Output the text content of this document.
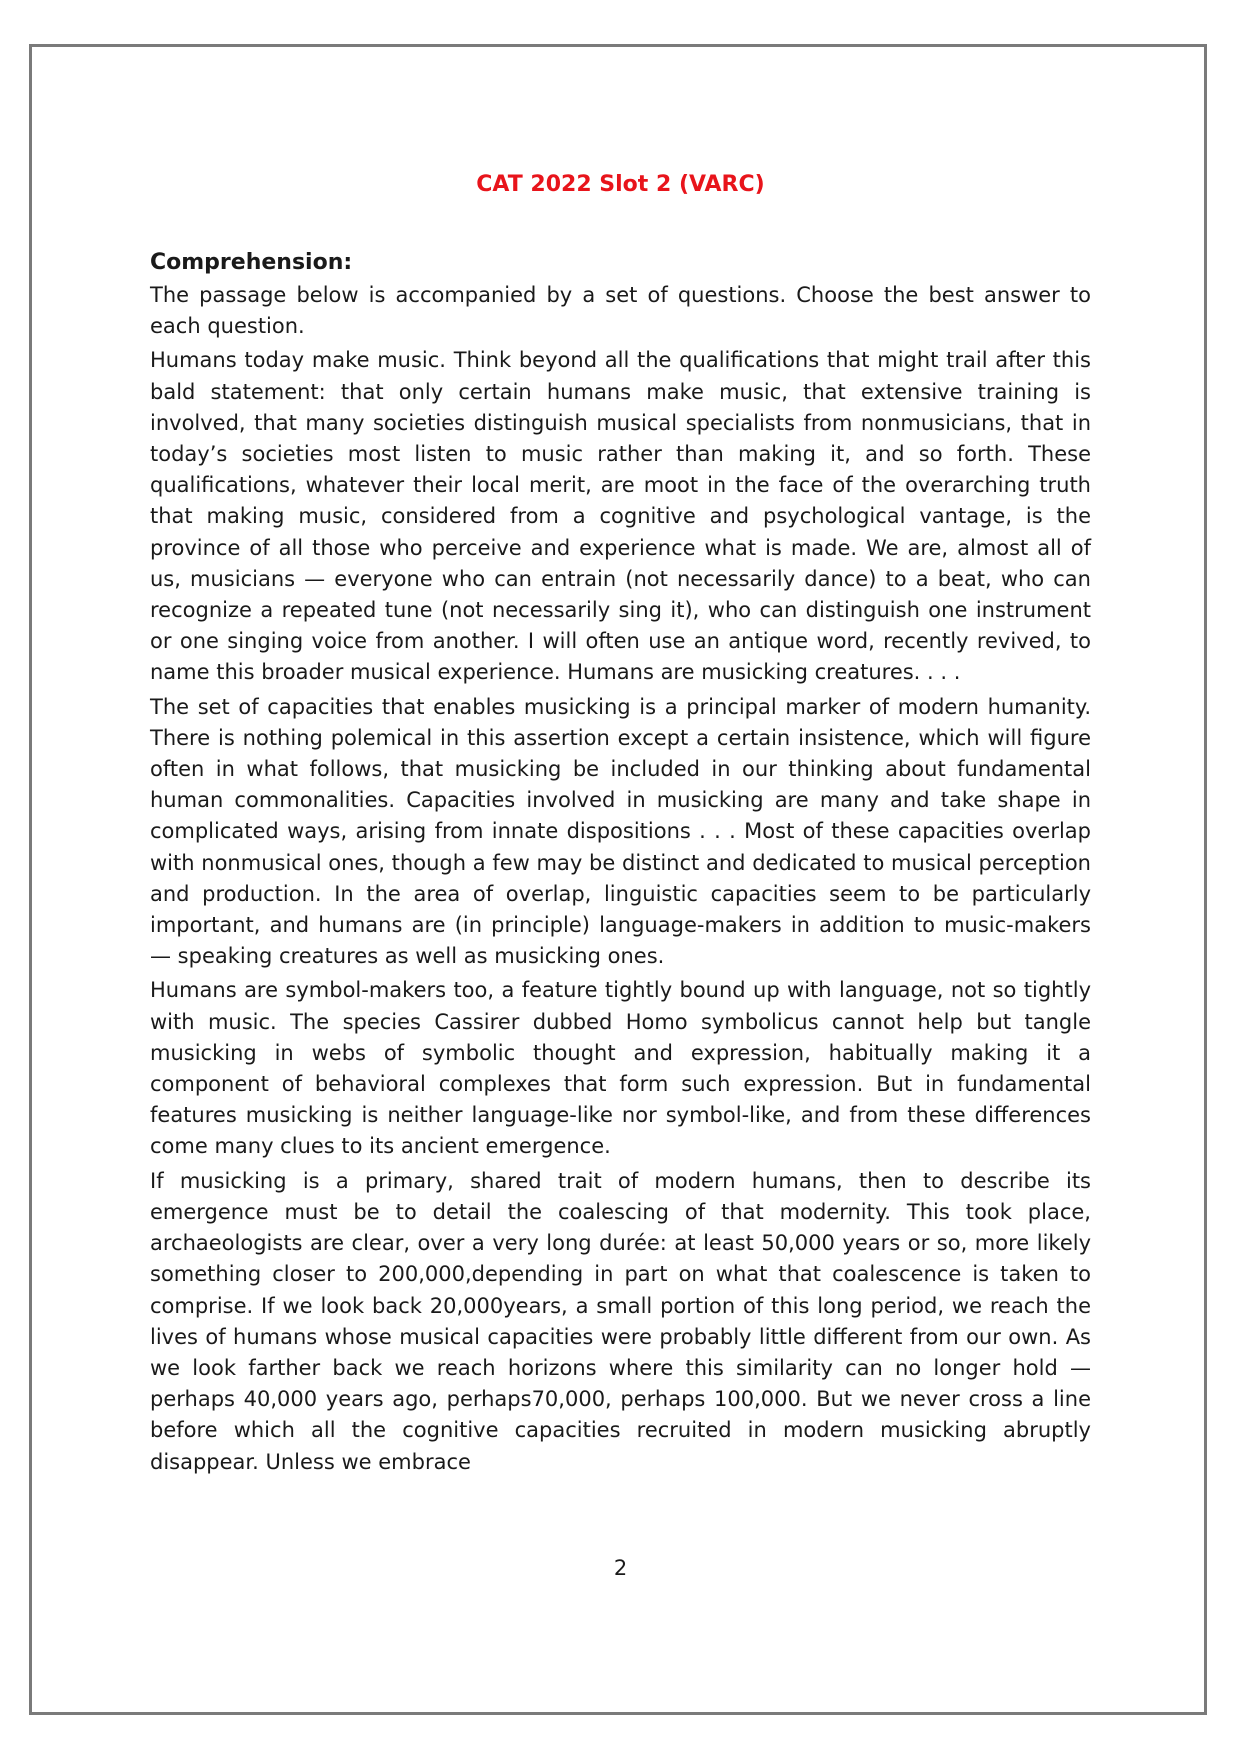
CAT 2022 Slot 2 (VARC)
Comprehension:

The passage below is accompanied by a set of questions. Choose the best answer to each question.

Humans today make music. Think beyond all the qualifications that might trail after this bald statement: that only certain humans make music, that extensive training is involved, that many societies distinguish musical specialists from nonmusicians, that in today’s societies most listen to music rather than making it, and so forth. These qualifications, whatever their local merit, are moot in the face of the overarching truth that making music, considered from a cognitive and psychological vantage, is the province of all those who perceive and experience what is made. We are, almost all of us, musicians — everyone who can entrain (not necessarily dance) to a beat, who can recognize a repeated tune (not necessarily sing it), who can distinguish one instrument or one singing voice from another. I will often use an antique word, recently revived, to name this broader musical experience. Humans are musicking creatures. . . .

The set of capacities that enables musicking is a principal marker of modern humanity. There is nothing polemical in this assertion except a certain insistence, which will figure often in what follows, that musicking be included in our thinking about fundamental human commonalities. Capacities involved in musicking are many and take shape in complicated ways, arising from innate dispositions . . . Most of these capacities overlap with nonmusical ones, though a few may be distinct and dedicated to musical perception and production. In the area of overlap, linguistic capacities seem to be particularly important, and humans are (in principle) language-makers in addition to music-makers — speaking creatures as well as musicking ones.

Humans are symbol-makers too, a feature tightly bound up with language, not so tightly with music. The species Cassirer dubbed Homo symbolicus cannot help but tangle musicking in webs of symbolic thought and expression, habitually making it a component of behavioral complexes that form such expression. But in fundamental features musicking is neither language-like nor symbol-like, and from these differences come many clues to its ancient emergence.

If musicking is a primary, shared trait of modern humans, then to describe its emergence must be to detail the coalescing of that modernity. This took place, archaeologists are clear, over a very long durée: at least 50,000 years or so, more likely something closer to 200,000,depending in part on what that coalescence is taken to comprise. If we look back 20,000years, a small portion of this long period, we reach the lives of humans whose musical capacities were probably little different from our own. As we look farther back we reach horizons where this similarity can no longer hold — perhaps 40,000 years ago, perhaps70,000, perhaps 100,000. But we never cross a line before which all the cognitive capacities recruited in modern musicking abruptly disappear. Unless we embrace

2
